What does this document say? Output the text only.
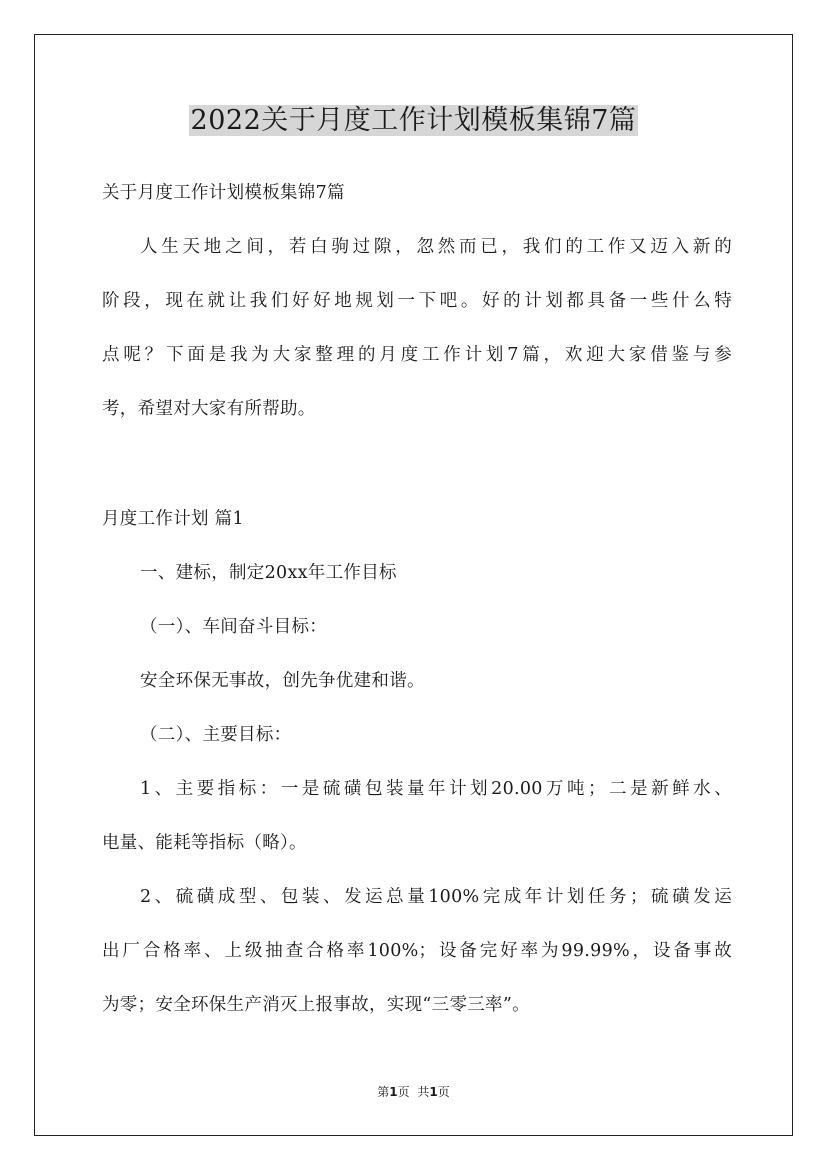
2022关于月度工作计划模板集锦7篇
关于月度工作计划模板集锦7篇
人生天地之间，若白驹过隙，忽然而已，我们的工作又迈入新的
阶段，现在就让我们好好地规划一下吧。好的计划都具备一些什么特
点呢？下面是我为大家整理的月度工作计划7篇，欢迎大家借鉴与参
考，希望对大家有所帮助。
月度工作计划 篇1
一、建标，制定20xx年工作目标
（一）、车间奋斗目标：
安全环保无事故，创先争优建和谐。
（二）、主要目标：
1、主要指标：一是硫磺包装量年计划20.00万吨；二是新鲜水、
电量、能耗等指标（略）。
2、硫磺成型、包装、发运总量100%完成年计划任务；硫磺发运
出厂合格率、上级抽查合格率100%；设备完好率为99.99%，设备事故
为零；安全环保生产消灭上报事故，实现“三零三率”。
第1页 共1页
